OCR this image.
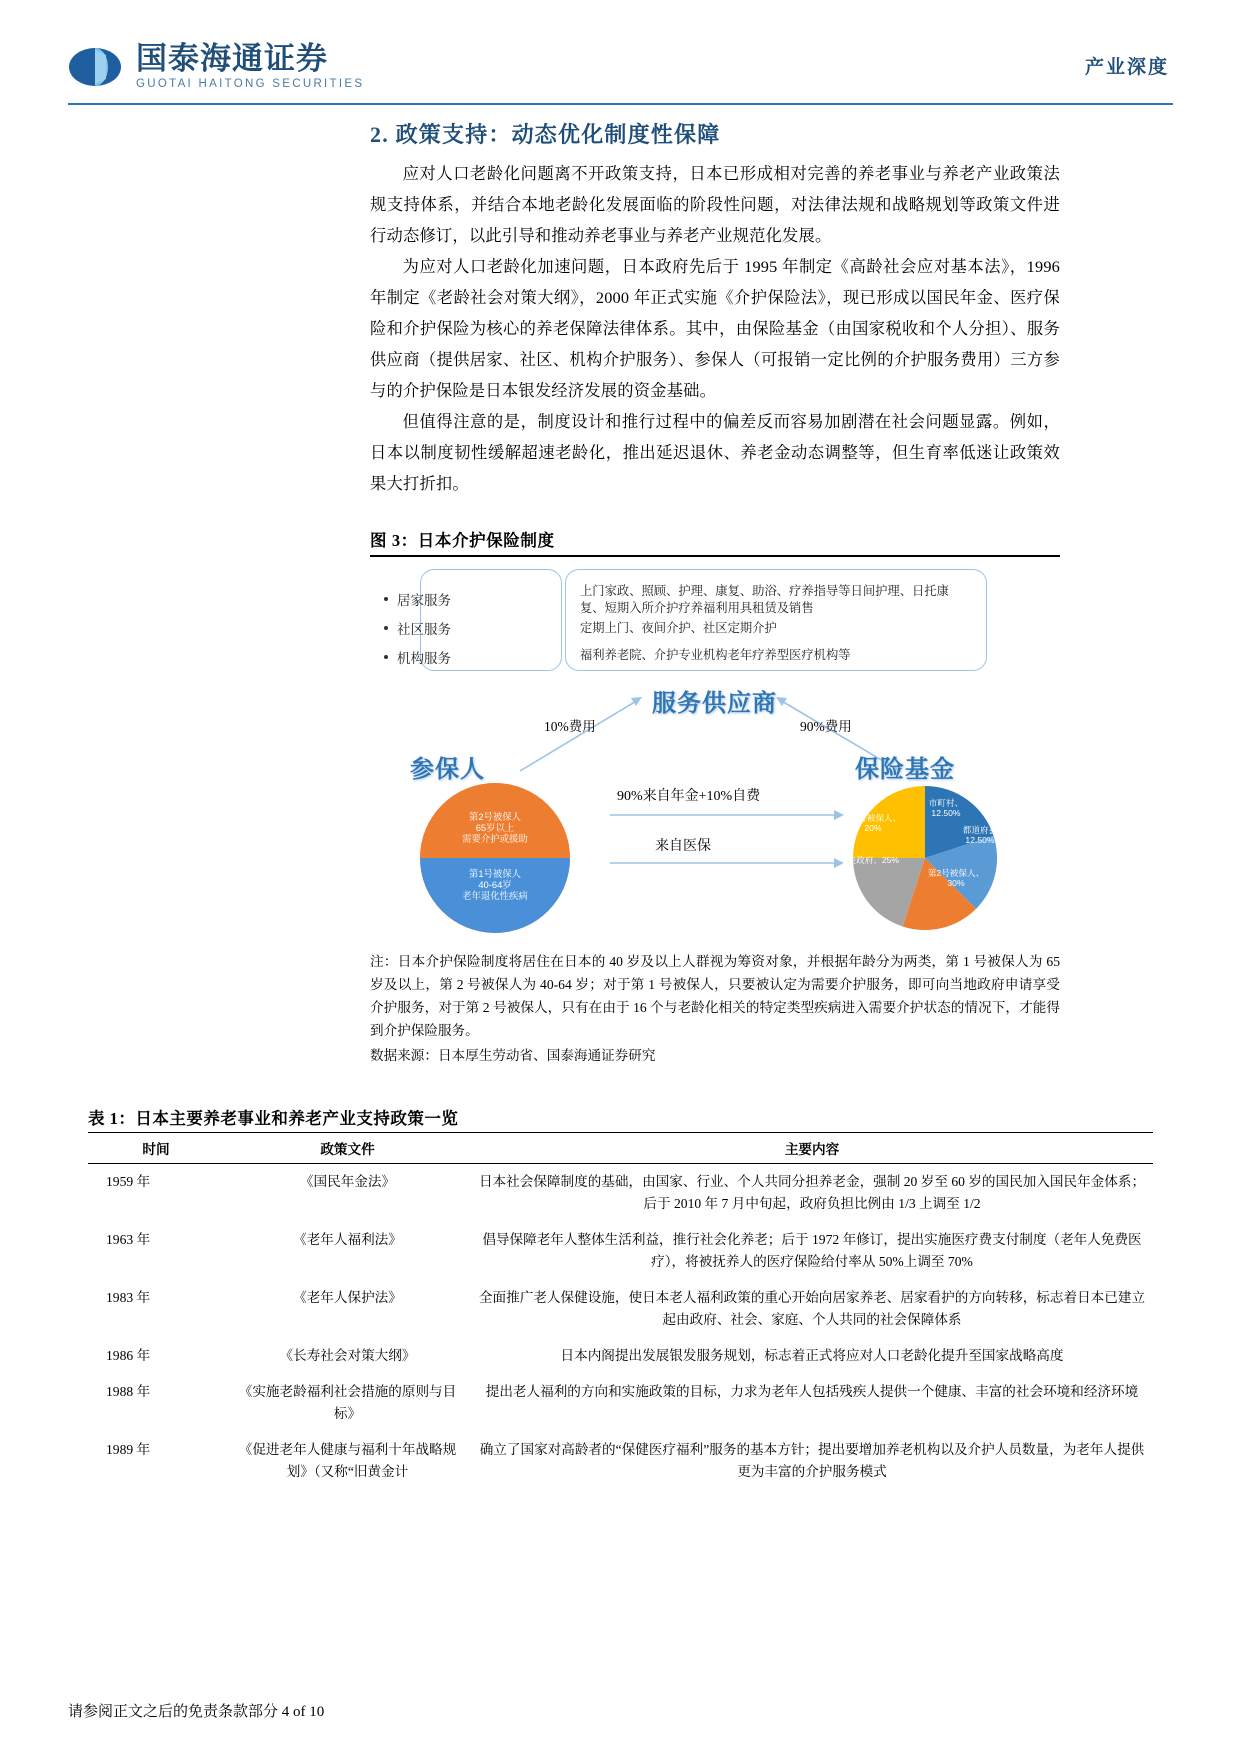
国泰海通证券
GUOTAI HAITONG SECURITIES
产业深度
2. 政策支持：动态优化制度性保障

应对人口老龄化问题离不开政策支持，日本已形成相对完善的养老事业与养老产业政策法规支持体系，并结合本地老龄化发展面临的阶段性问题，对法律法规和战略规划等政策文件进行动态修订，以此引导和推动养老事业与养老产业规范化发展。

为应对人口老龄化加速问题，日本政府先后于 1995 年制定《高龄社会应对基本法》，1996 年制定《老龄社会对策大纲》，2000 年正式实施《介护保险法》，现已形成以国民年金、医疗保险和介护保险为核心的养老保障法律体系。其中，由保险基金（由国家税收和个人分担）、服务供应商（提供居家、社区、机构介护服务）、参保人（可报销一定比例的介护服务费用）三方参与的介护保险是日本银发经济发展的资金基础。

但值得注意的是，制度设计和推行过程中的偏差反而容易加剧潜在社会问题显露。例如，日本以制度韧性缓解超速老龄化，推出延迟退休、养老金动态调整等，但生育率低迷让政策效果大打折扣。

图 3：日本介护保险制度
居家服务
社区服务
机构服务
上门家政、照顾、护理、康复、助浴、疗养指导等日间护理、日托康复、短期入所介护疗养福利用具租赁及销售
定期上门、夜间介护、社区定期介护
福利养老院、介护专业机构老年疗养型医疗机构等
服务供应商
参保人	保险基金
10%费用	90%费用
90%来自年金+10%自费
来自医保
第2号被保人
65岁以上
需要介护或援助
第1号被保人
40-64岁
老年退化性疾病
第1号被保人、
20%
市町村、
12.50%
都道府县
12.50%
第2号被保人、
30%
中央政府、25%
注：日本介护保险制度将居住在日本的 40 岁及以上人群视为筹资对象，并根据年龄分为两类，第 1 号被保人为 65 岁及以上，第 2 号被保人为 40-64 岁；对于第 1 号被保人，只要被认定为需要介护服务，即可向当地政府申请享受介护服务，对于第 2 号被保人，只有在由于 16 个与老龄化相关的特定类型疾病进入需要介护状态的情况下，才能得到介护保险服务。
数据来源：日本厚生劳动省、国泰海通证券研究
表 1：日本主要养老事业和养老产业支持政策一览
时间	政策文件	主要内容
1959 年	《国民年金法》	日本社会保障制度的基础，由国家、行业、个人共同分担养老金，强制 20 岁至 60 岁的国民加入国民年金体系；后于 2010 年 7 月中旬起，政府负担比例由 1/3 上调至 1/2
1963 年	《老年人福利法》	倡导保障老年人整体生活利益，推行社会化养老；后于 1972 年修订，提出实施医疗费支付制度（老年人免费医疗），将被抚养人的医疗保险给付率从 50%上调至 70%
1983 年	《老年人保护法》	全面推广老人保健设施，使日本老人福利政策的重心开始向居家养老、居家看护的方向转移，标志着日本已建立起由政府、社会、家庭、个人共同的社会保障体系
1986 年	《长寿社会对策大纲》	日本内阁提出发展银发服务规划，标志着正式将应对人口老龄化提升至国家战略高度
1988 年	《实施老龄福利社会措施的原则与目标》	提出老人福利的方向和实施政策的目标，力求为老年人包括残疾人提供一个健康、丰富的社会环境和经济环境
1989 年	《促进老年人健康与福利十年战略规划》（又称“旧黄金计	确立了国家对高龄者的“保健医疗福利”服务的基本方针；提出要增加养老机构以及介护人员数量，为老年人提供更为丰富的介护服务模式
请参阅正文之后的免责条款部分 4 of 10
